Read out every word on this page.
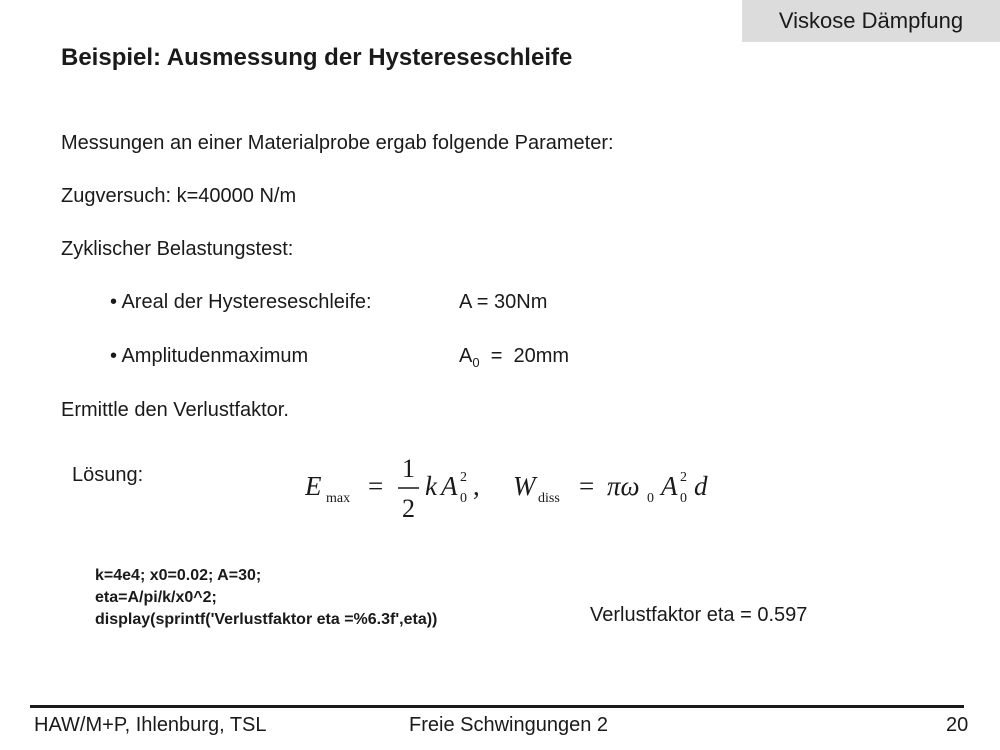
Viskose Dämpfung
Beispiel: Ausmessung der Hystereseschleife
Messungen an einer Materialprobe ergab folgende Parameter:
Zugversuch: k=40000 N/m
Zyklischer Belastungstest:
• Areal der Hystereseschleife:	A = 30Nm
• Amplitudenmaximum	$A_0 = 20mm$
Ermittle den Verlustfaktor.
Lösung:	E max =
1
2
k A 2
0 , W diss = πω 0 A 2
0 d
k=4e4; x0=0.02; A=30;
eta=A/pi/k/x0^2;
display(sprintf('Verlustfaktor eta =%6.3f',eta))	Verlustfaktor eta = 0.597
HAW/M+P, Ihlenburg, TSL	Freie Schwingungen 2	20
